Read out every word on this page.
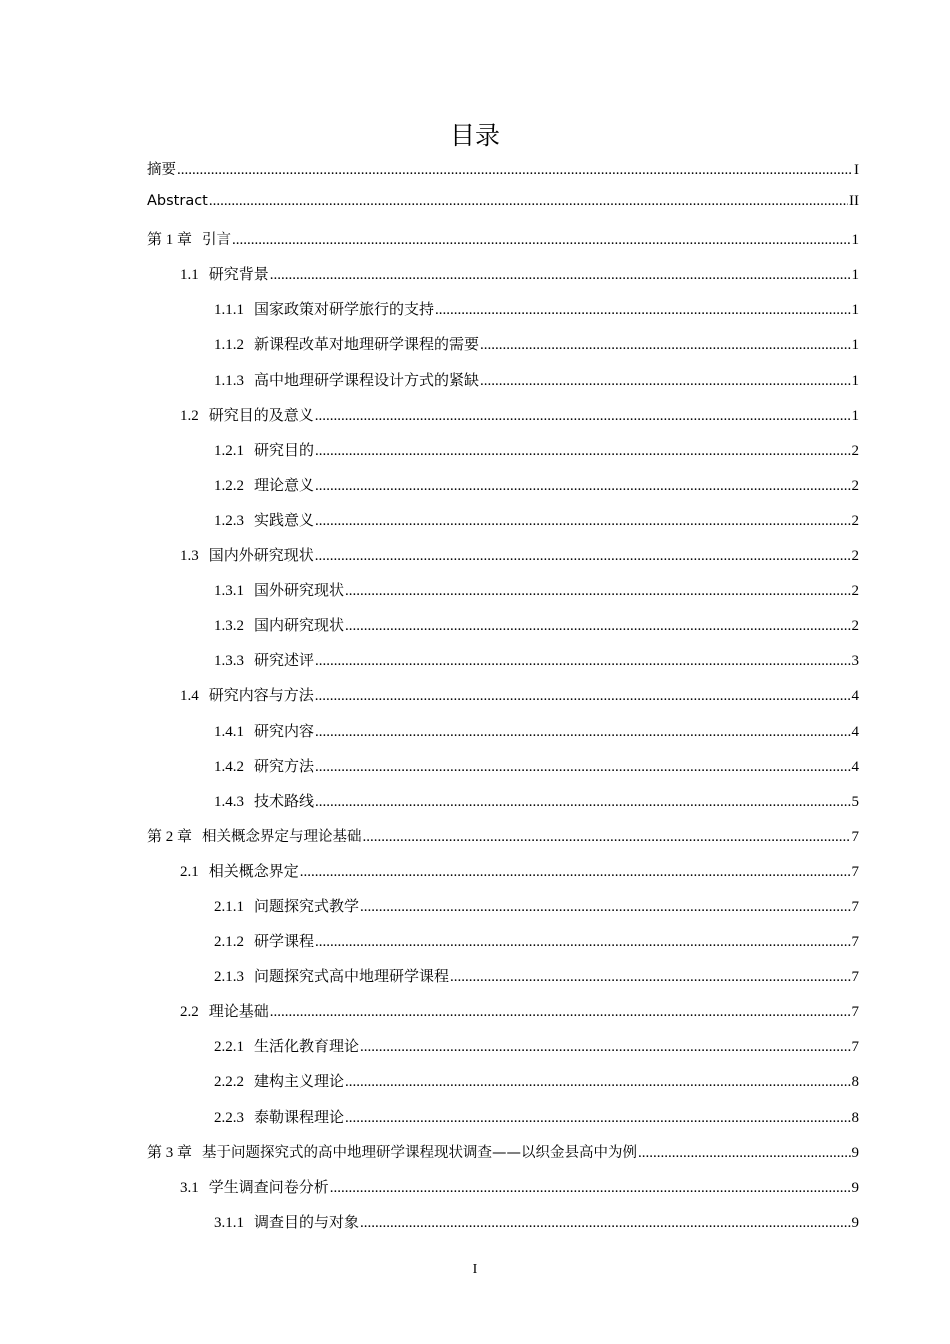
目录
摘要 .....	I
Abstract .....	II
第 1 章 引言 .....	1
1.1 研究背景 .....	1
1.1.1 国家政策对研学旅行的支持 .....	1
1.1.2 新课程改革对地理研学课程的需要 .....	1
1.1.3 高中地理研学课程设计方式的紧缺 .....	1
1.2 研究目的及意义 .....	1
1.2.1 研究目的 .....	2
1.2.2 理论意义 .....	2
1.2.3 实践意义 .....	2
1.3 国内外研究现状 .....	2
1.3.1 国外研究现状 .....	2
1.3.2 国内研究现状 .....	2
1.3.3 研究述评 .....	3
1.4 研究内容与方法 .....	4
1.4.1 研究内容 .....	4
1.4.2 研究方法 .....	4
1.4.3 技术路线 .....	5
第 2 章 相关概念界定与理论基础 .....	7
2.1 相关概念界定 .....	7
2.1.1 问题探究式教学 .....	7
2.1.2 研学课程 .....	7
2.1.3 问题探究式高中地理研学课程 .....	7
2.2 理论基础 .....	7
2.2.1 生活化教育理论 .....	7
2.2.2 建构主义理论 .....	8
2.2.3 泰勒课程理论 .....	8
第 3 章 基于问题探究式的高中地理研学课程现状调查——以织金县高中为例 .....	9
3.1 学生调查问卷分析 .....	9
3.1.1 调查目的与对象 .....	9
I
